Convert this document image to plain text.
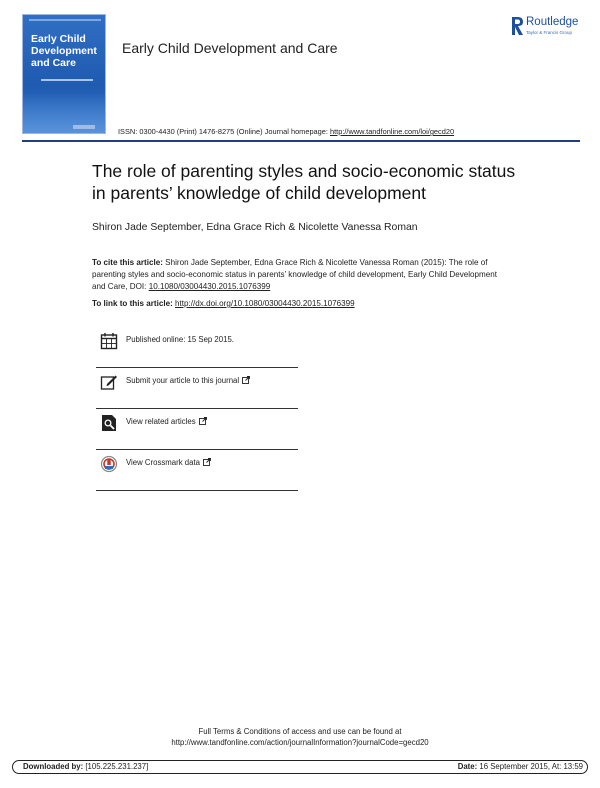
Early Child Development and Care
Early Child Development and Care
Routledge
Taylor & Francis Group
ISSN: 0300-4430 (Print) 1476-8275 (Online) Journal homepage: http://www.tandfonline.com/loi/gecd20
The role of parenting styles and socio-economic status in parents’ knowledge of child development
Shiron Jade September, Edna Grace Rich & Nicolette Vanessa Roman
To cite this article: Shiron Jade September, Edna Grace Rich & Nicolette Vanessa Roman (2015): The role of parenting styles and socio-economic status in parents’ knowledge of child development, Early Child Development and Care, DOI: 10.1080/03004430.2015.1076399
To link to this article: http://dx.doi.org/10.1080/03004430.2015.1076399
Published online: 15 Sep 2015.
Submit your article to this journal
View related articles
View Crossmark data
Full Terms & Conditions of access and use can be found at
http://www.tandfonline.com/action/journalInformation?journalCode=gecd20
Downloaded by: [105.225.231.237]	Date: 16 September 2015, At: 13:59
